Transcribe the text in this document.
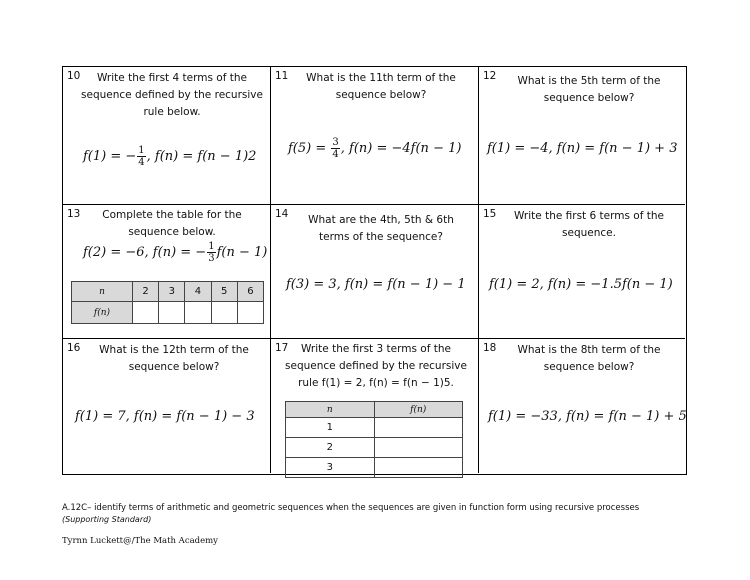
10	Write the first 4 terms of the sequence defined by the recursive rule below.
f(1) = − $\frac{1}{4}$ , f(n) = f(n − 1)2
11	What is the 11th term of the sequence below?
$f(5) = \frac{3}{4}$ , f(n) = −4f(n − 1)
12	What is the 5th term of the sequence below?
f(1) = −4, f(n) = f(n − 1) + 3
13	Complete the table for the sequence below.
f(2) = −6, f(n) = − $\frac{1}{3} f(n - 1)$
n	2	3	4	5	6
f(n)					
14	What are the 4th, 5th & 6th terms of the sequence?
f(3) = 3, f(n) = f(n − 1) − 1
15	Write the first 6 terms of the sequence.
f(1) = 2, f(n) = −1.5f(n − 1)
16	What is the 12th term of the sequence below?
f(1) = 7, f(n) = f(n − 1) − 3
17	Write the first 3 terms of the sequence defined by the recursive rule f(1) = 2, f(n) = f(n − 1)5.
n	f(n)
1	
2	
3	
18	What is the 8th term of the sequence below?
f(1) = −33, f(n) = f(n − 1) + 5
A.12C– identify terms of arithmetic and geometric sequences when the sequences are given in function form using recursive processes
(Supporting Standard)
Tyrnn Luckett@/The Math Academy
